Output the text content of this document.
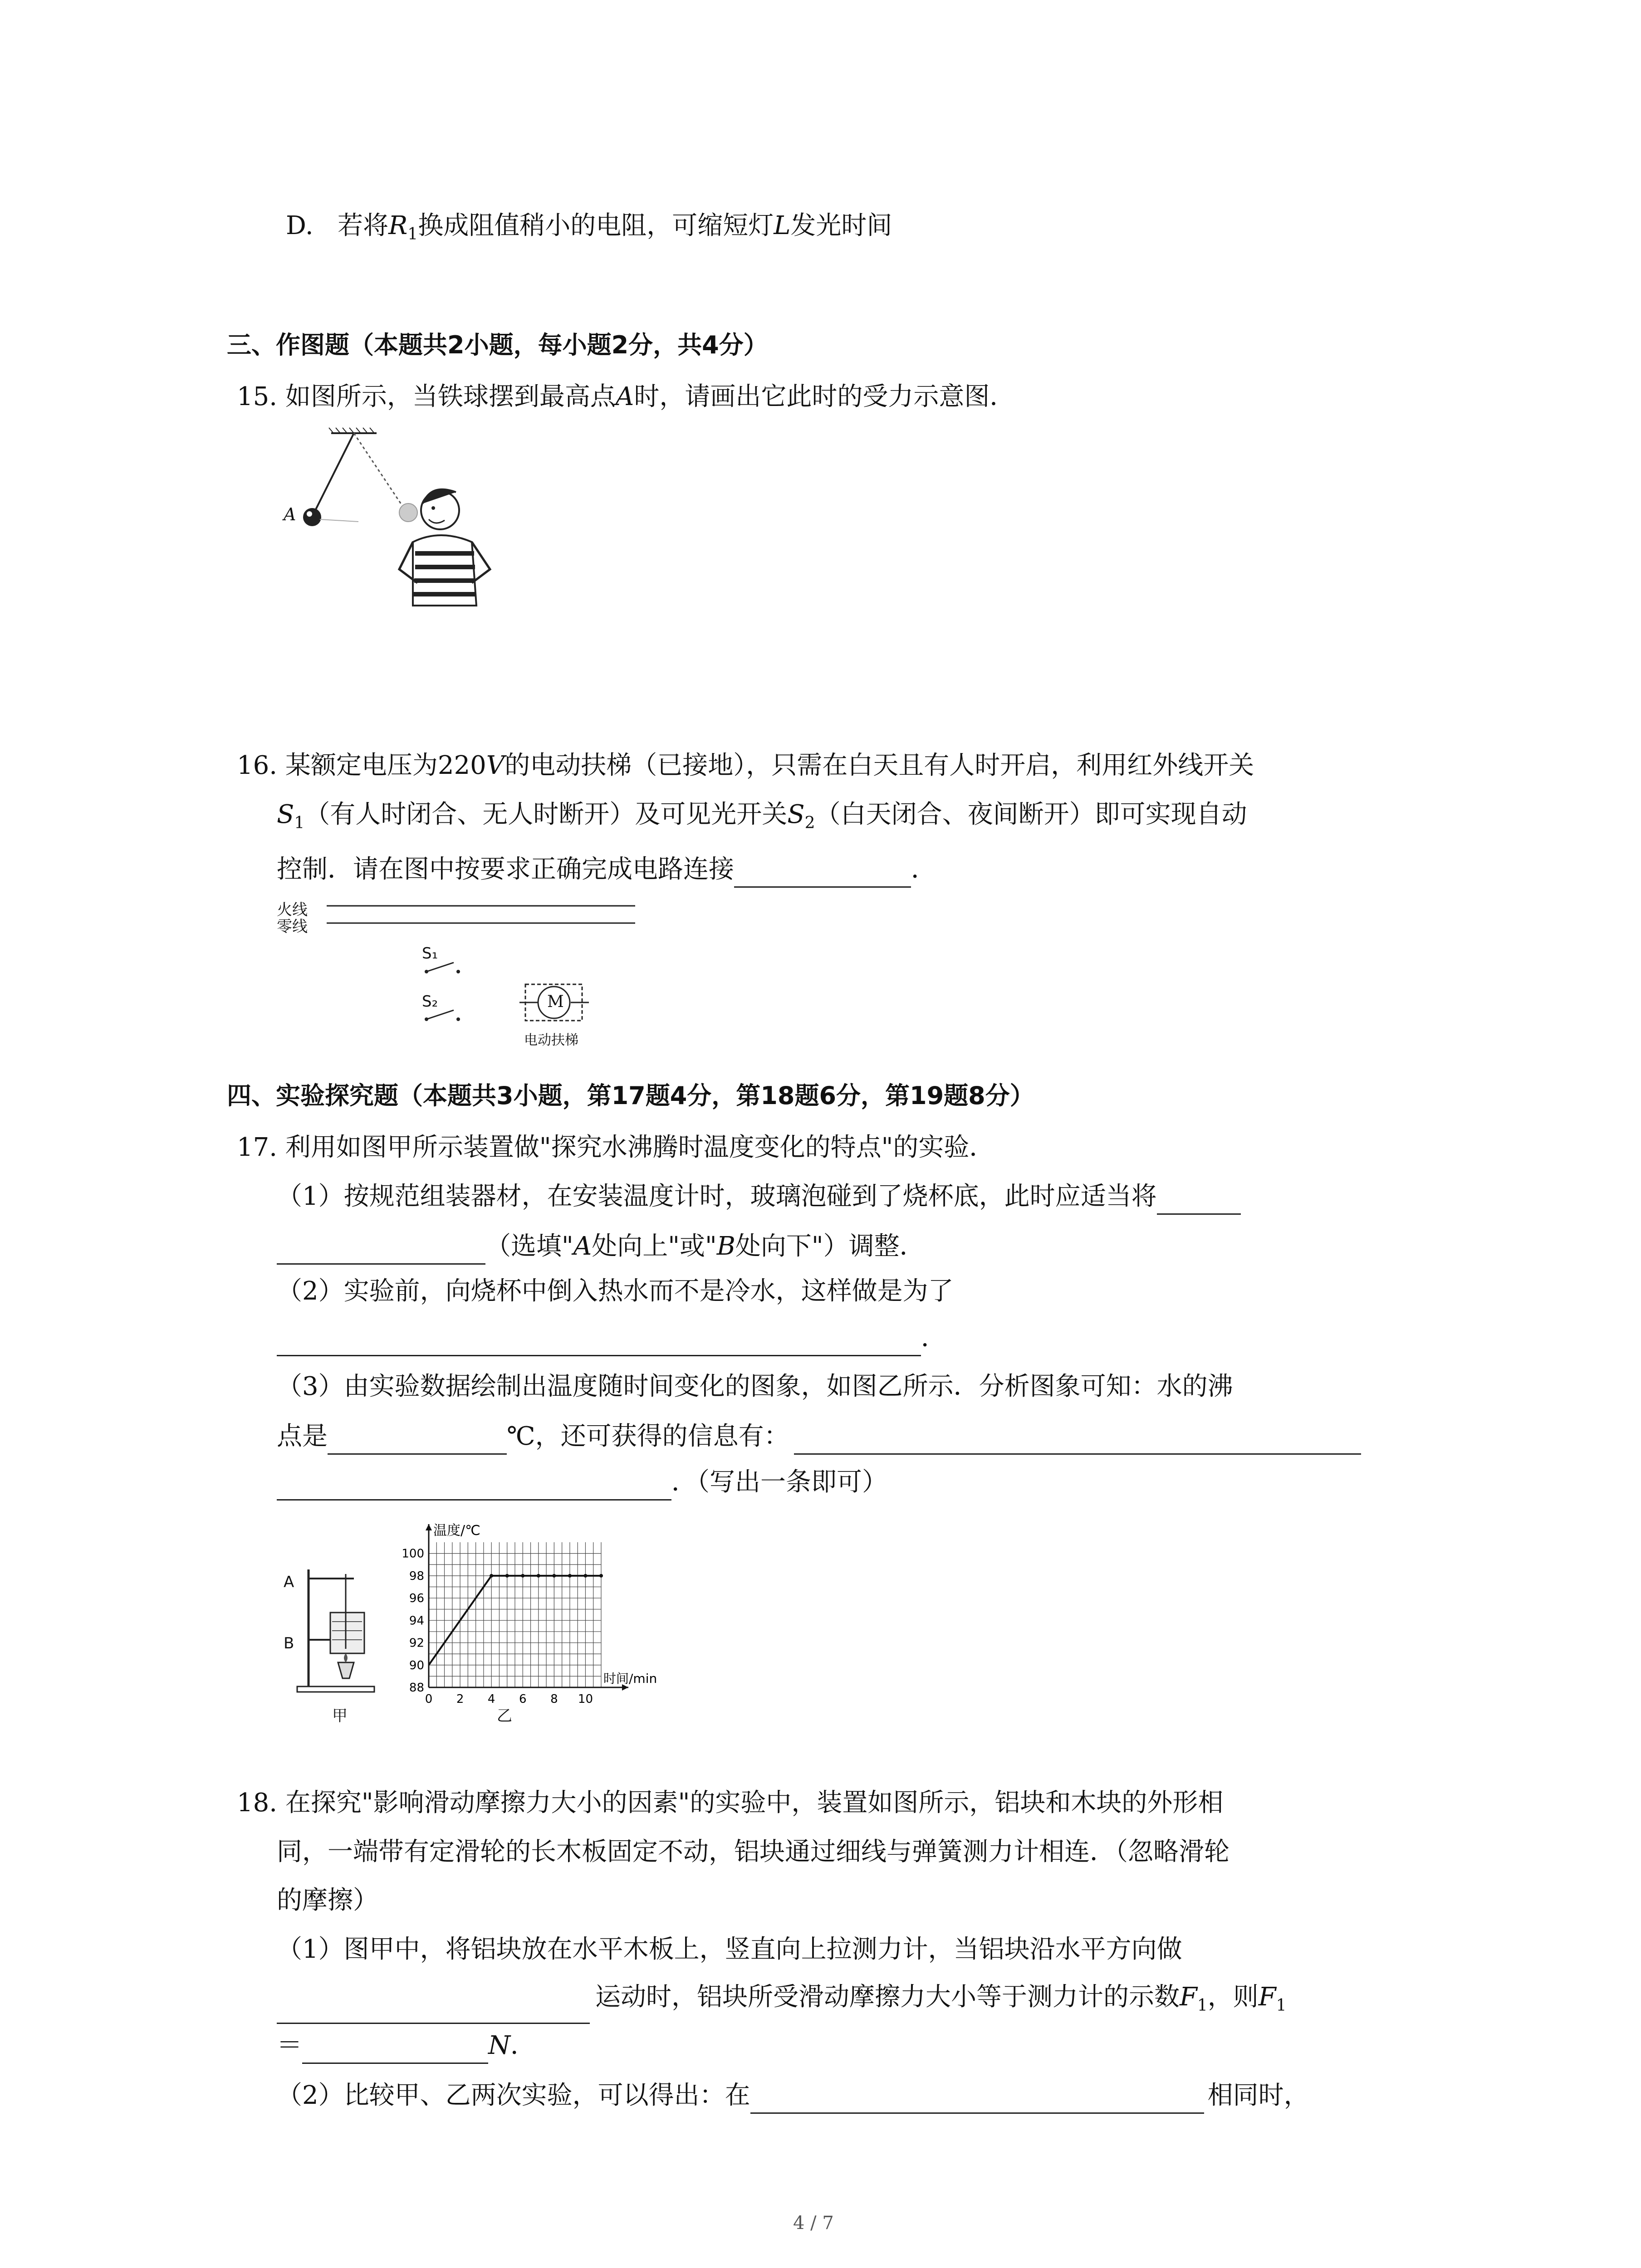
D. 若将$R_1$换成阻值稍小的电阻，可缩短灯L发光时间
三、作图题（本题共2小题，每小题2分，共4分）
15. 如图所示，当铁球摆到最高点A时，请画出它此时的受力示意图．
A
16. 某额定电压为220V的电动扶梯（已接地），只需在白天且有人时开启，利用红外线开关
$S_1$（有人时闭合、无人时断开）及可见光开关$S_2$（白天闭合、夜间断开）即可实现自动
控制．请在图中按要求正确完成电路连接	．
火线
零线
S₁
S₂	M
电动扶梯
四、实验探究题（本题共3小题，第17题4分，第18题6分，第19题8分）
17. 利用如图甲所示装置做"探究水沸腾时温度变化的特点"的实验．
（1）按规范组装器材，在安装温度计时，玻璃泡碰到了烧杯底，此时应适当将
（选填"A处向上"或"B处向下"）调整．
（2）实验前，向烧杯中倒入热水而不是冷水，这样做是为了
．
（3）由实验数据绘制出温度随时间变化的图象，如图乙所示．分析图象可知：水的沸
点是	℃，还可获得的信息有：
．（写出一条即可）
A
B
甲
0 2 4 6 8 10
88
90
92
94
96
98
100
温度/℃
时间/min
乙
18. 在探究"影响滑动摩擦力大小的因素"的实验中，装置如图所示，铝块和木块的外形相
同，一端带有定滑轮的长木板固定不动，铝块通过细线与弹簧测力计相连．（忽略滑轮
的摩擦）
（1）图甲中，将铝块放在水平木板上，竖直向上拉测力计，当铝块沿水平方向做
运动时，铝块所受滑动摩擦力大小等于测力计的示数$F_1$，则$F_1$
＝	N．
（2）比较甲、乙两次实验，可以得出：在	相同时，
4 / 7
